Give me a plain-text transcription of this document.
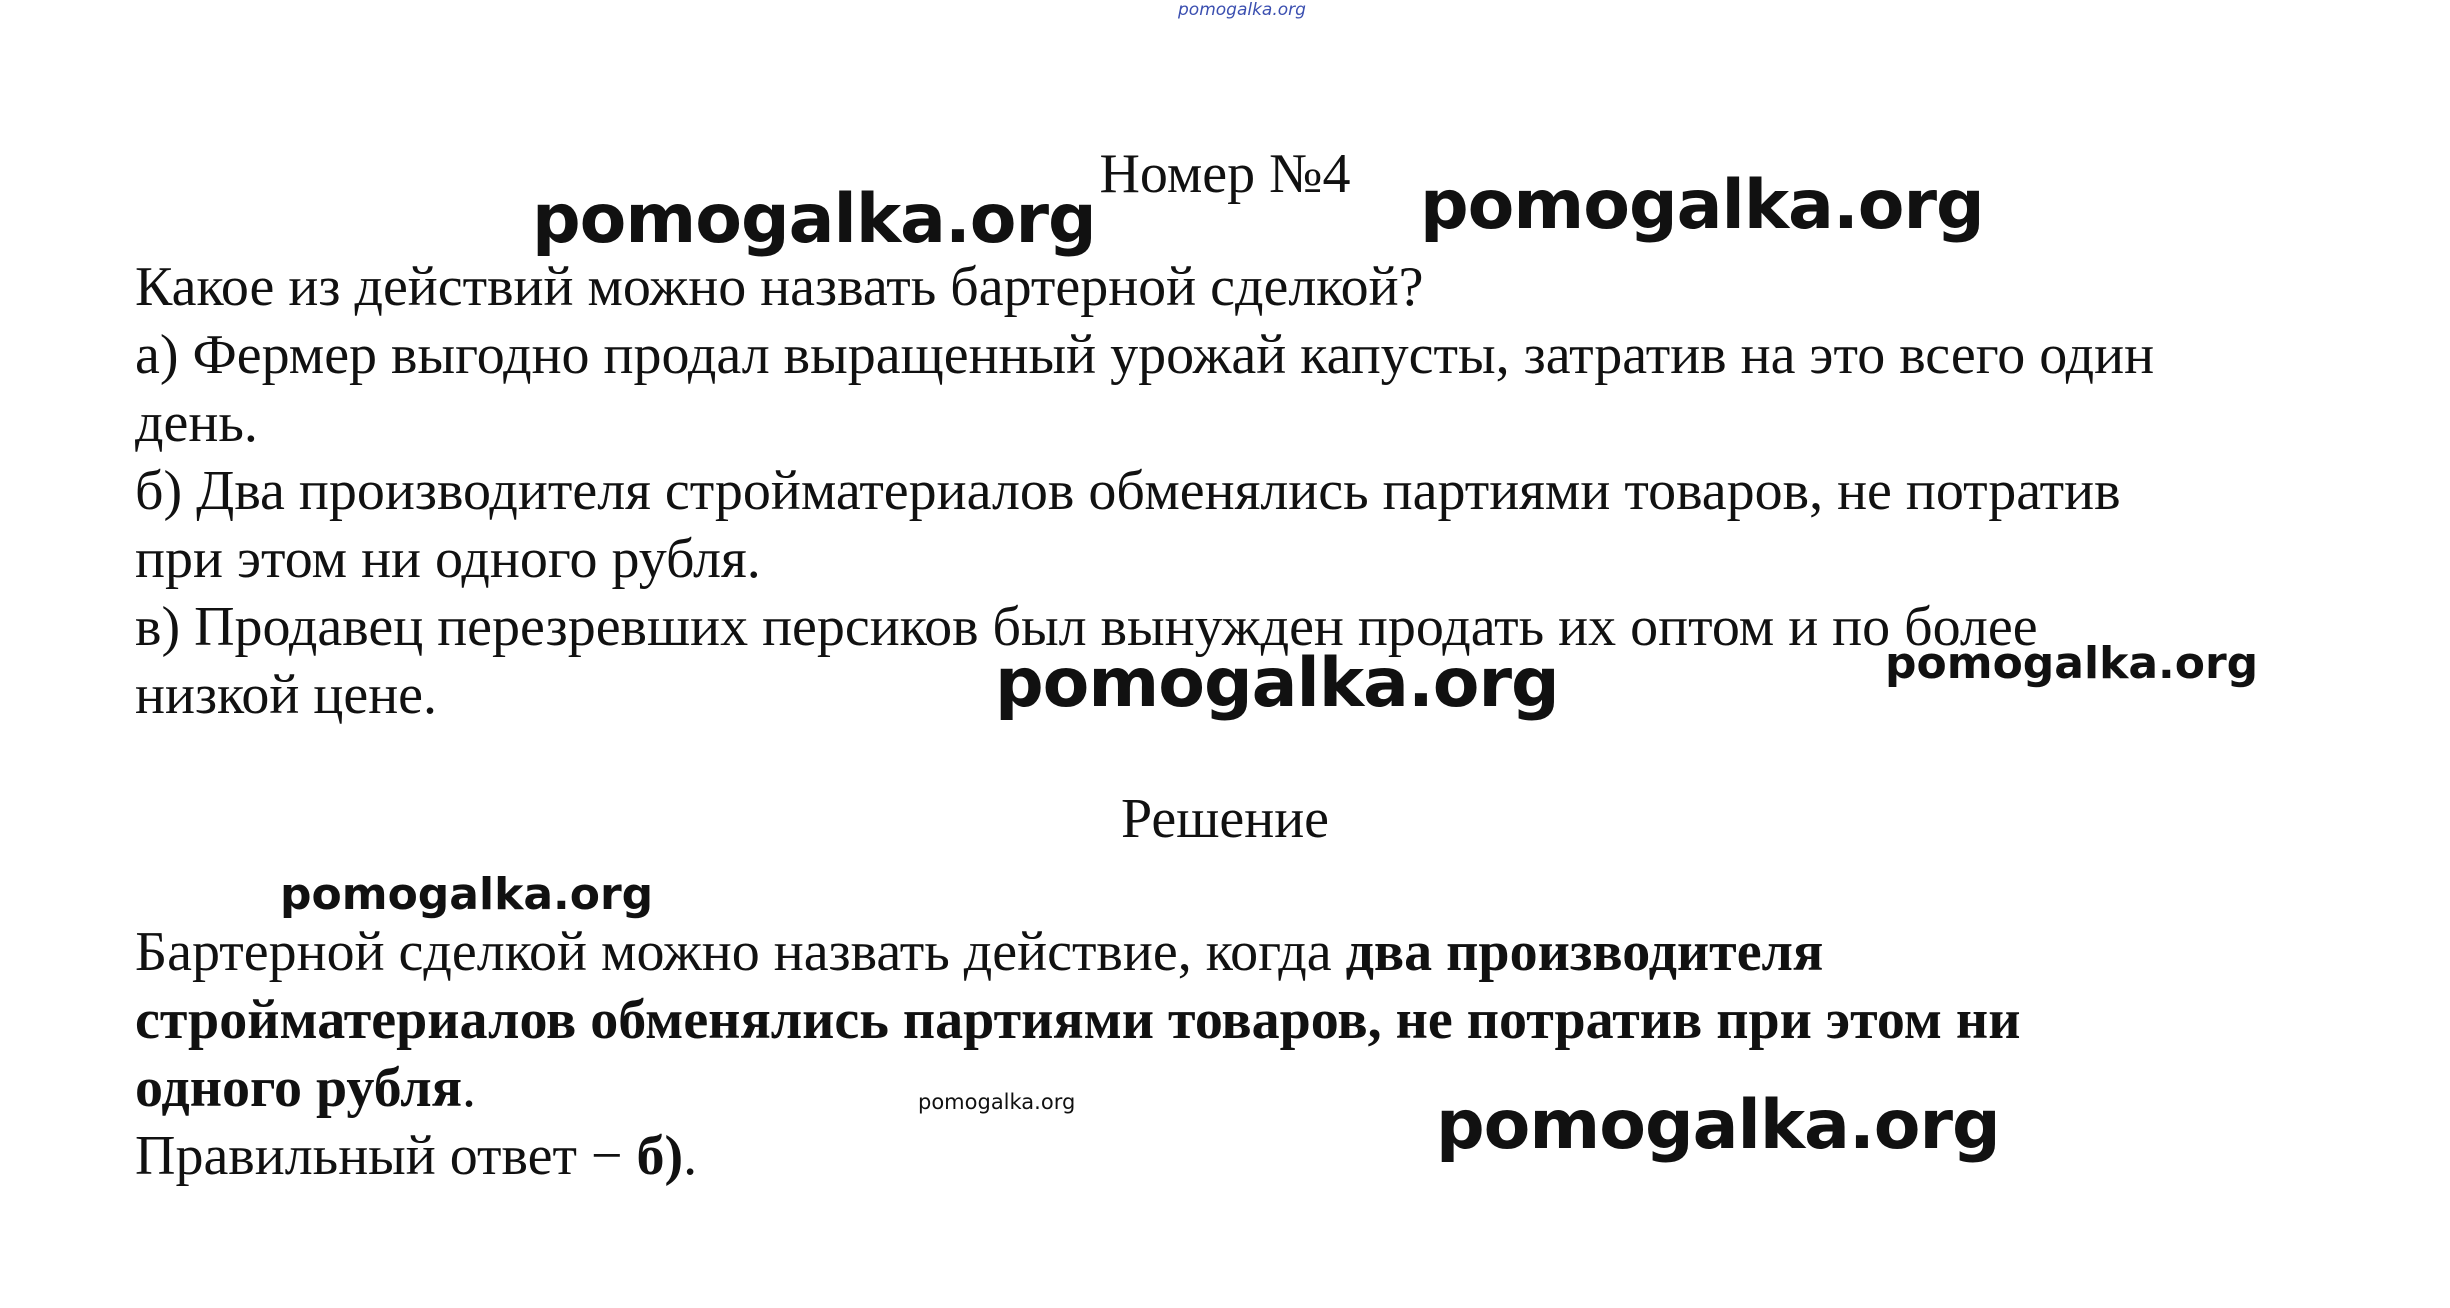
pomogalka.org
Номер №4
Какое из действий можно назвать бартерной сделкой?
а) Фермер выгодно продал выращенный урожай капусты, затратив на это всего один
день.
б) Два производителя стройматериалов обменялись партиями товаров, не потратив
при этом ни одного рубля.
в) Продавец перезревших персиков был вынужден продать их оптом и по более
низкой цене.
Решение
Бартерной сделкой можно назвать действие, когда два производителя
стройматериалов обменялись партиями товаров, не потратив при этом ни
одного рубля.
Правильный ответ − б).
pomogalka.org	pomogalka.org
pomogalka.org	pomogalka.org
pomogalka.org
pomogalka.org	pomogalka.org
